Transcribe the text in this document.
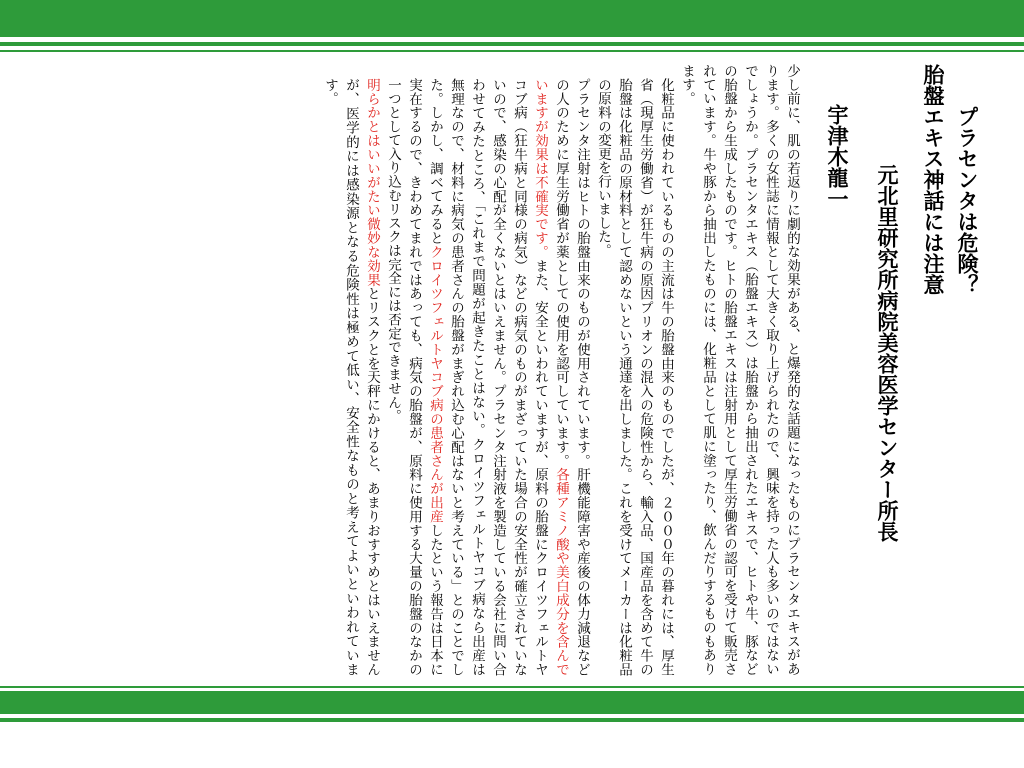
プラセンタは危険？
胎盤エキス神話には注意
元北里研究所病院美容医学センター所長
宇津木龍一
少し前に、肌の若返りに劇的な効果がある、と爆発的な話題になったものにプラセンタエキスがあります。多くの女性誌に情報として大きく取り上げられたので、興味を持った人も多いのではないでしょうか。プラセンタエキス（胎盤エキス）は胎盤から抽出されたエキスで、ヒトや牛、豚などの胎盤から生成したものです。ヒトの胎盤エキスは注射用として厚生労働省の認可を受けて販売されています。牛や豚から抽出したものには、化粧品として肌に塗ったり、飲んだりするものもあります。
化粧品に使われているものの主流は牛の胎盤由来のものでしたが、２０００年の暮れには、厚生省（現厚生労働省）が狂牛病の原因プリオンの混入の危険性から、輸入品、国産品を含めて牛の胎盤は化粧品の原材料として認めないという通達を出しました。これを受けてメーカーは化粧品の原料の変更を行いました。
プラセンタ注射はヒトの胎盤由来のものが使用されています。肝機能障害や産後の体力減退などの人のために厚生労働省が薬としての使用を認可しています。各種アミノ酸や美白成分を含んでいますが効果は不確実です。また、安全といわれていますが、原料の胎盤にクロイツフェルトヤコブ病（狂牛病と同様の病気）などの病気のものがまざっていた場合の安全性が確立されていないので、感染の心配が全くないとはいえません。プラセンタ注射液を製造している会社に問い合わせてみたところ、「これまで問題が起きたことはない。クロイツフェルトヤコブ病なら出産は無理なので、材料に病気の患者さんの胎盤がまぎれ込む心配はないと考えている」とのことでした。しかし、調べてみるとクロイツフェルトヤコブ病の患者さんが出産したという報告は日本に実在するので、きわめてまれではあっても、病気の胎盤が、原料に使用する大量の胎盤のなかの一つとして入り込むリスクは完全には否定できません。
明らかとはいいがたい微妙な効果とリスクとを天秤にかけると、あまりおすすめとはいえませんが、医学的には感染源となる危険性は極めて低い、安全性なものと考えてよいといわれています。
